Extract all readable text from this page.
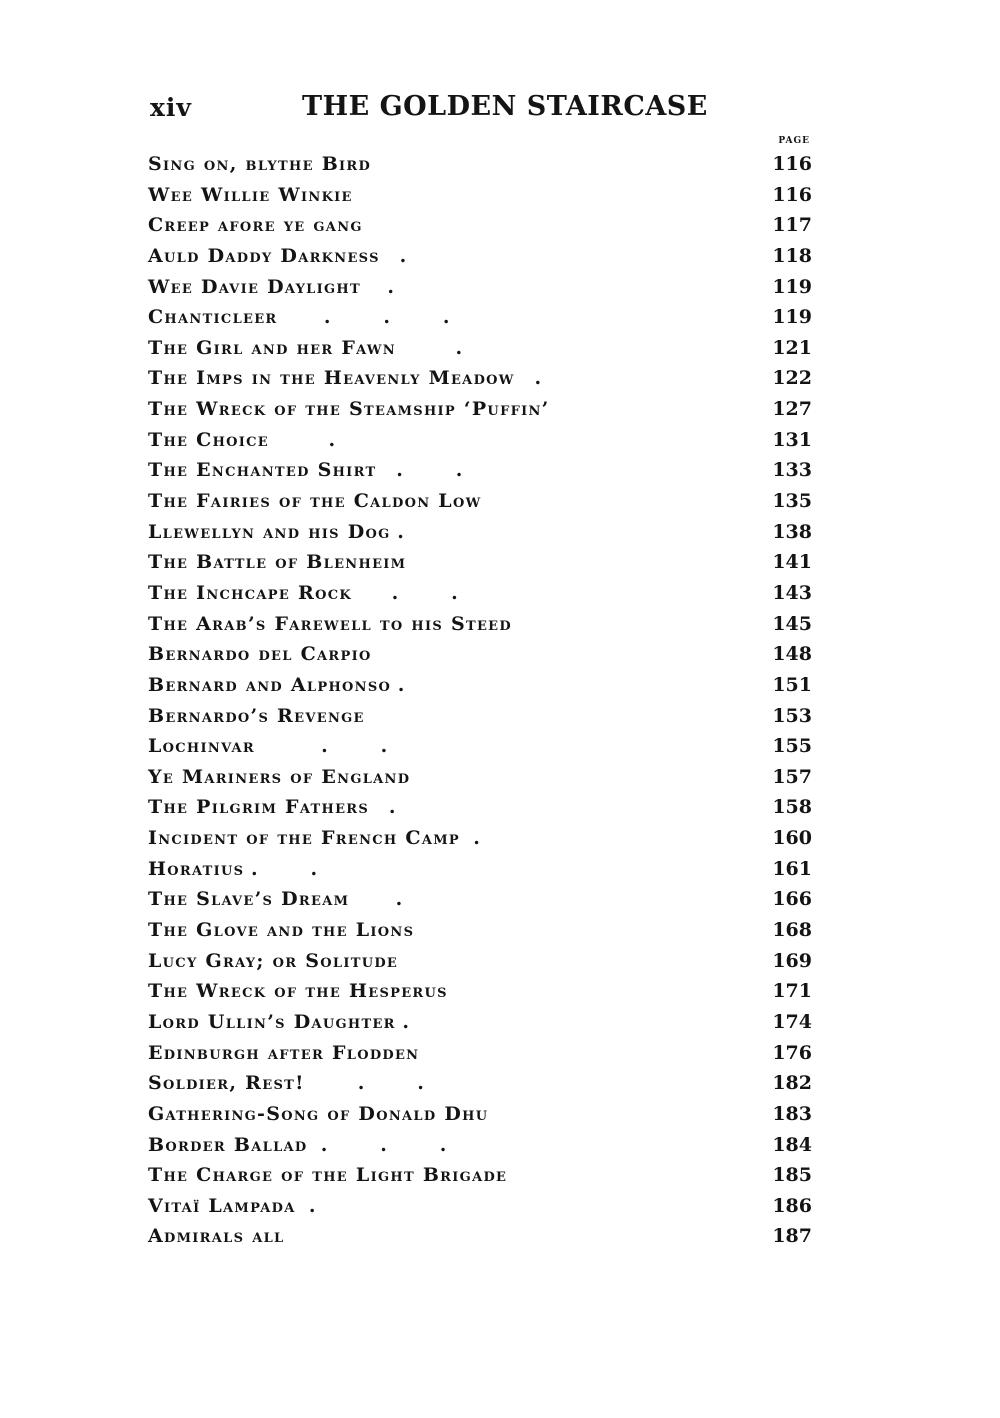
xiv	THE GOLDEN STAIRCASE
PAGE
Sing on, blythe Bird	116
Wee Willie Winkie	116
Creep afore ye gang	117
Auld Daddy Darkness   .	118
Wee Davie Daylight    .	119
Chanticleer       .        .        .	119
The Girl and her Fawn         .	121
The Imps in the Heavenly Meadow   .	122
The Wreck of the Steamship ‘Puffin’	127
The Choice         .	131
The Enchanted Shirt   .        .	133
The Fairies of the Caldon Low	135
Llewellyn and his Dog .	138
The Battle of Blenheim	141
The Inchcape Rock      .        .	143
The Arab’s Farewell to his Steed	145
Bernardo del Carpio	148
Bernard and Alphonso .	151
Bernardo’s Revenge	153
Lochinvar          .        .	155
Ye Mariners of England	157
The Pilgrim Fathers   .	158
Incident of the French Camp  .	160
Horatius .        .	161
The Slave’s Dream       .	166
The Glove and the Lions	168
Lucy Gray; or Solitude	169
The Wreck of the Hesperus	171
Lord Ullin’s Daughter .	174
Edinburgh after Flodden	176
Soldier, Rest!        .        .	182
Gathering-Song of Donald Dhu	183
Border Ballad  .        .        .	184
The Charge of the Light Brigade	185
Vitaï Lampada  .	186
Admirals all	187
